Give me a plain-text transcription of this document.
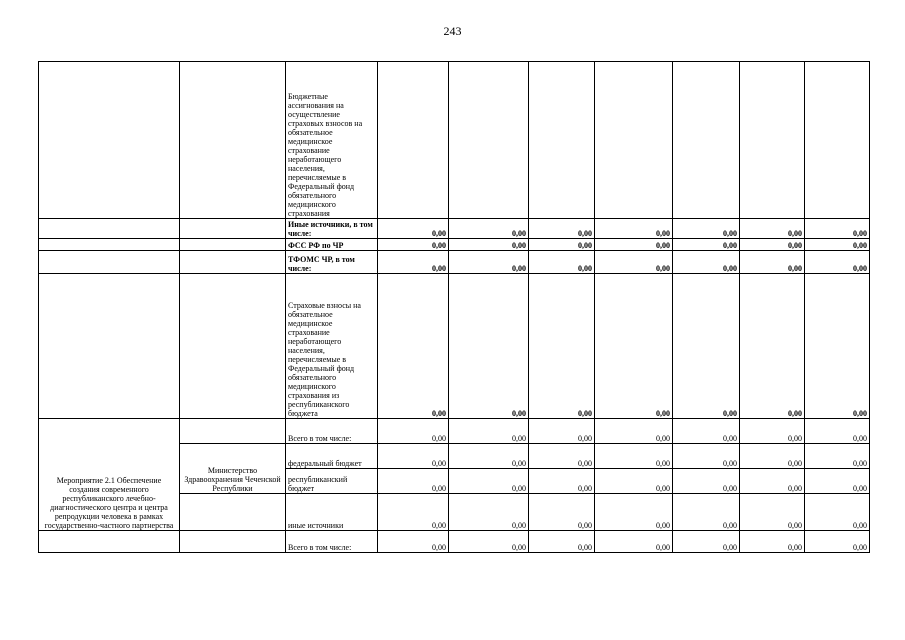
243
		Бюджетные ассигнования на осуществление страховых взносов на обязательное медицинское страхование неработающего населения, перечисляемые в Федеральный фонд обязательного медицинского страхования							
		Иные источники, в том числе:	0,00	0,00	0,00	0,00	0,00	0,00	0,00
		ФСС РФ по ЧР	0,00	0,00	0,00	0,00	0,00	0,00	0,00
		ТФОМС ЧР, в том числе:	0,00	0,00	0,00	0,00	0,00	0,00	0,00
		Страховые взносы на обязательное медицинское страхование неработающего населения, перечисляемые в Федеральный фонд обязательного медицинского страхования из республиканского бюджета	0,00	0,00	0,00	0,00	0,00	0,00	0,00
Мероприятие 2.1 Обеспечение создания современного республиканского лечебно-диагностического центра и центра репродукции человека в рамках государственно-частного партнерства		Всего в том числе:	0,00	0,00	0,00	0,00	0,00	0,00	0,00
	Министерство Здравоохранения Чеченской Республики	федеральный бюджет	0,00	0,00	0,00	0,00	0,00	0,00	0,00
		республиканский бюджет	0,00	0,00	0,00	0,00	0,00	0,00	0,00
		иные источники	0,00	0,00	0,00	0,00	0,00	0,00	0,00
		Всего в том числе:	0,00	0,00	0,00	0,00	0,00	0,00	0,00
